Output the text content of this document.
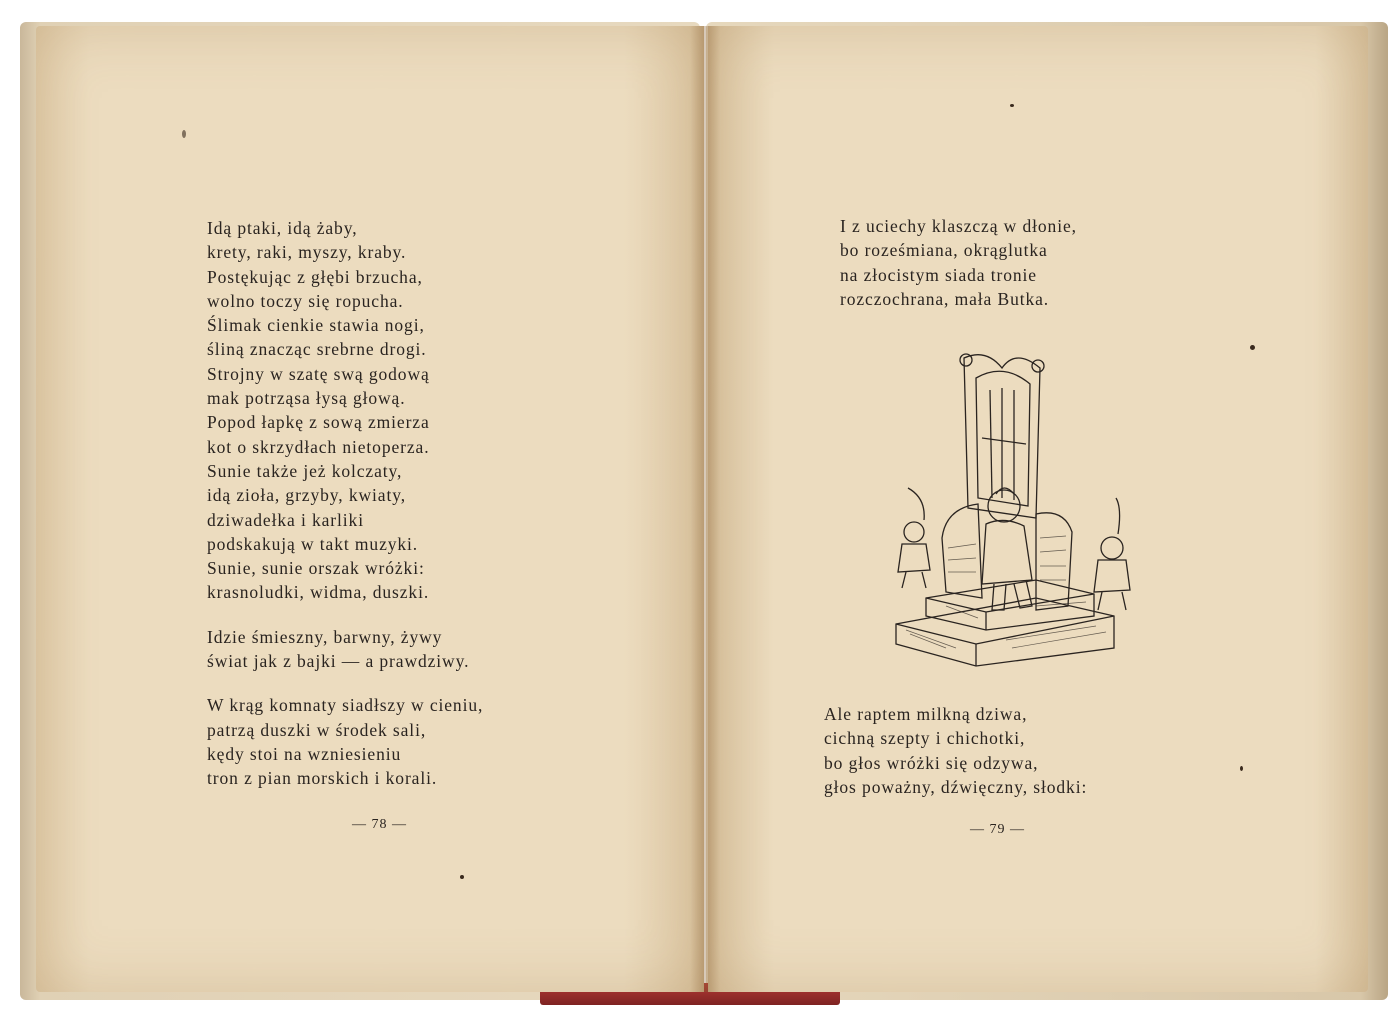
Idą ptaki, idą żaby,
krety, raki, myszy, kraby.
Postękując z głębi brzucha,
wolno toczy się ropucha.
Ślimak cienkie stawia nogi,
śliną znacząc srebrne drogi.
Strojny w szatę swą godową
mak potrząsa łysą głową.
Popod łapkę z sową zmierza
kot o skrzydłach nietoperza.
Sunie także jeż kolczaty,
idą zioła, grzyby, kwiaty,
dziwadełka i karliki
podskakują w takt muzyki.
Sunie, sunie orszak wróżki:
krasnoludki, widma, duszki.
Idzie śmieszny, barwny, żywy
świat jak z bajki — a prawdziwy.
W krąg komnaty siadłszy w cieniu,
patrzą duszki w środek sali,
kędy stoi na wzniesieniu
tron z pian morskich i korali.
— 78 —
I z uciechy klaszczą w dłonie,
bo roześmiana, okrąglutka
na złocistym siada tronie
rozczochrana, mała Butka.
Ale raptem milkną dziwa,
cichną szepty i chichotki,
bo głos wróżki się odzywa,
głos poważny, dźwięczny, słodki:
— 79 —
